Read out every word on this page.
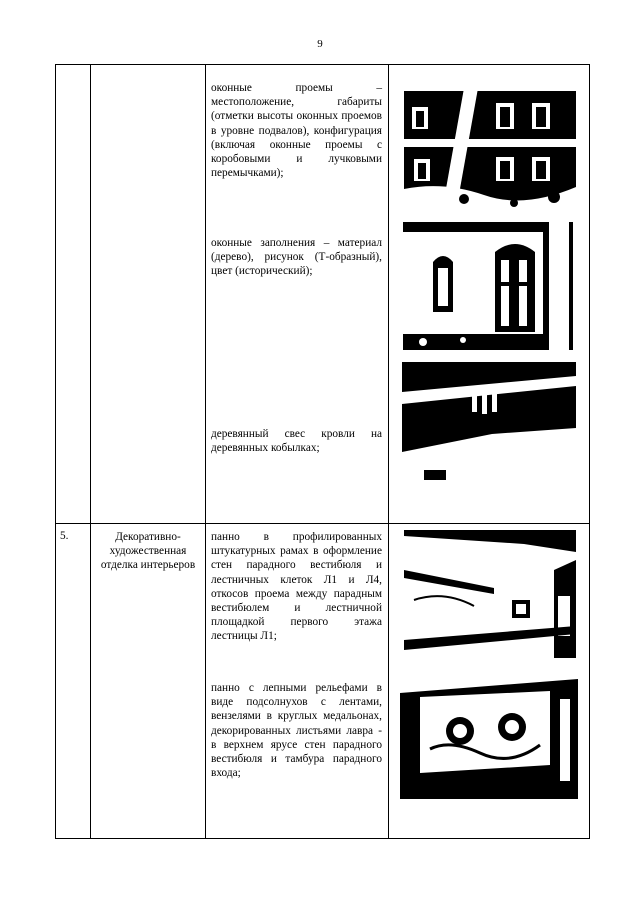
9

оконные проемы – местоположение, габариты (отметки высоты оконных проемов в уровне подвалов), конфигурация (включая оконные проемы с коробовыми и лучковыми перемычками);

оконные заполнения – материал (дерево), рисунок (Т-образный), цвет (исторический);

деревянный свес кровли на деревянных кобылках;

5.	Декоративно-художественная отделка интерьеров

панно в профилированных штукатурных рамах в оформление стен парадного вестибюля и лестничных клеток Л1 и Л4, откосов проема между парадным вестибюлем и лестничной площадкой первого этажа лестницы Л1;

панно с лепными рельефами в виде подсолнухов с лентами, вензелями в круглых медальонах, декорированных листьями лавра - в верхнем ярусе стен парадного вестибюля и тамбура парадного входа;
